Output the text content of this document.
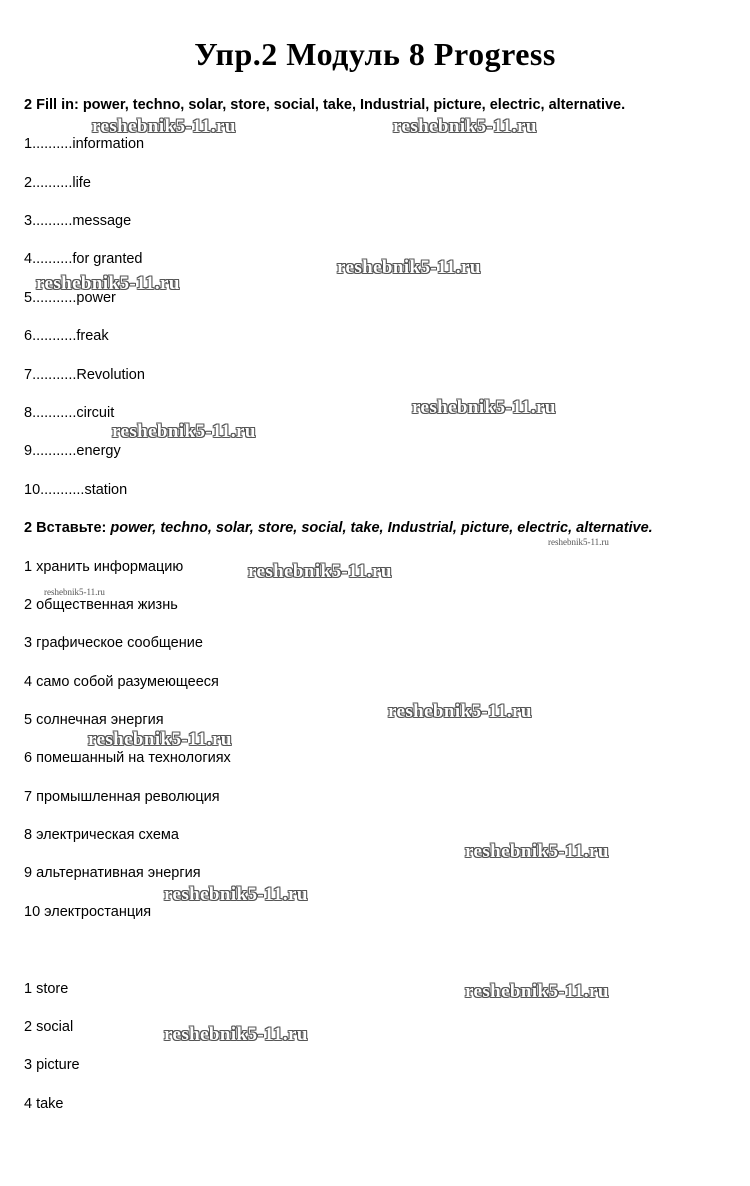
Упр.2 Модуль 8 Progress
2 Fill in: power, techno, solar, store, social, take, Industrial, picture, electric, alternative.
1..........information
2..........life
3..........message
4..........for granted
5...........power
6...........freak
7...........Revolution
8...........circuit
9...........energy
10...........station
2 Вставьте: power, techno, solar, store, social, take, Industrial, picture, electric, alternative.
1 хранить информацию
2 общественная жизнь
3 графическое сообщение
4 само собой разумеющееся
5 солнечная энергия
6 помешанный на технологиях
7 промышленная революция
8 электрическая схема
9 альтернативная энергия
10 электростанция
1 store
2 social
3 picture
4 take
reshebnik5-11.ru	reshebnik5-11.ru
reshebnik5-11.ru
reshebnik5-11.ru
reshebnik5-11.ru
reshebnik5-11.ru
reshebnik5-11.ru
reshebnik5-11.ru
reshebnik5-11.ru
reshebnik5-11.ru
reshebnik5-11.ru
reshebnik5-11.ru
reshebnik5-11.ru
reshebnik5-11.ru
reshebnik5-11.ru
